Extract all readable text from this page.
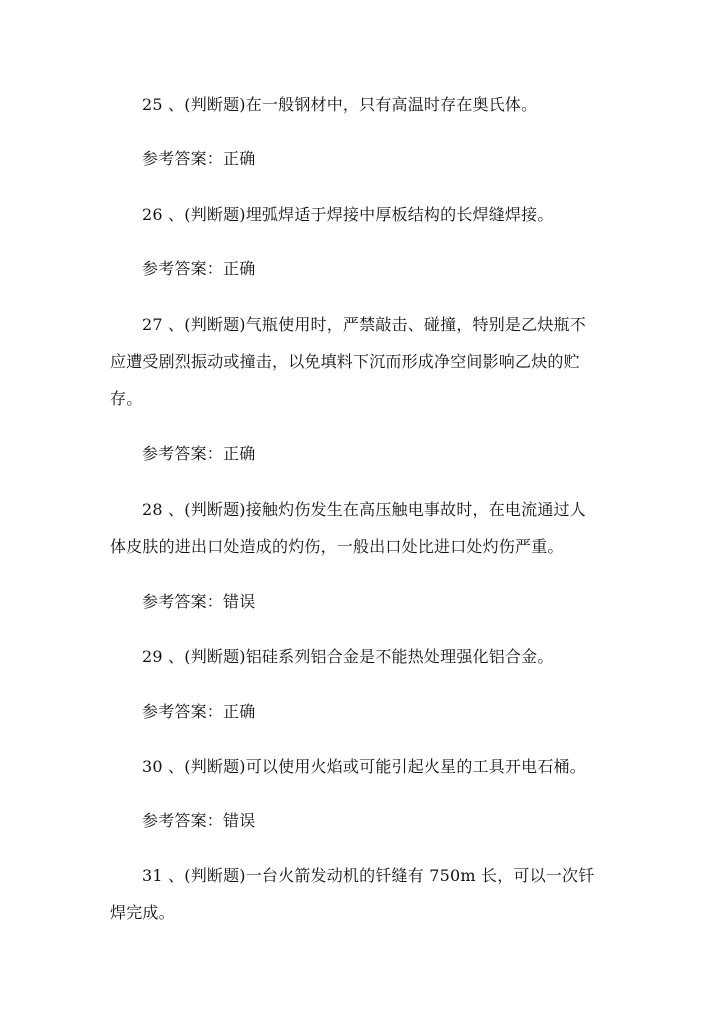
25 、(判断题)在一般钢材中，只有高温时存在奥氏体。
参考答案：正确
26 、(判断题)埋弧焊适于焊接中厚板结构的长焊缝焊接。
参考答案：正确
27 、(判断题)气瓶使用时，严禁敲击、碰撞，特别是乙炔瓶不
应遭受剧烈振动或撞击，以免填料下沉而形成净空间影响乙炔的贮
存。
参考答案：正确
28 、(判断题)接触灼伤发生在高压触电事故时，在电流通过人
体皮肤的进出口处造成的灼伤，一般出口处比进口处灼伤严重。
参考答案：错误
29 、(判断题)铝硅系列铝合金是不能热处理强化铝合金。
参考答案：正确
30 、(判断题)可以使用火焰或可能引起火星的工具开电石桶。
参考答案：错误
31 、(判断题)一台火箭发动机的钎缝有 750m 长，可以一次钎
焊完成。
